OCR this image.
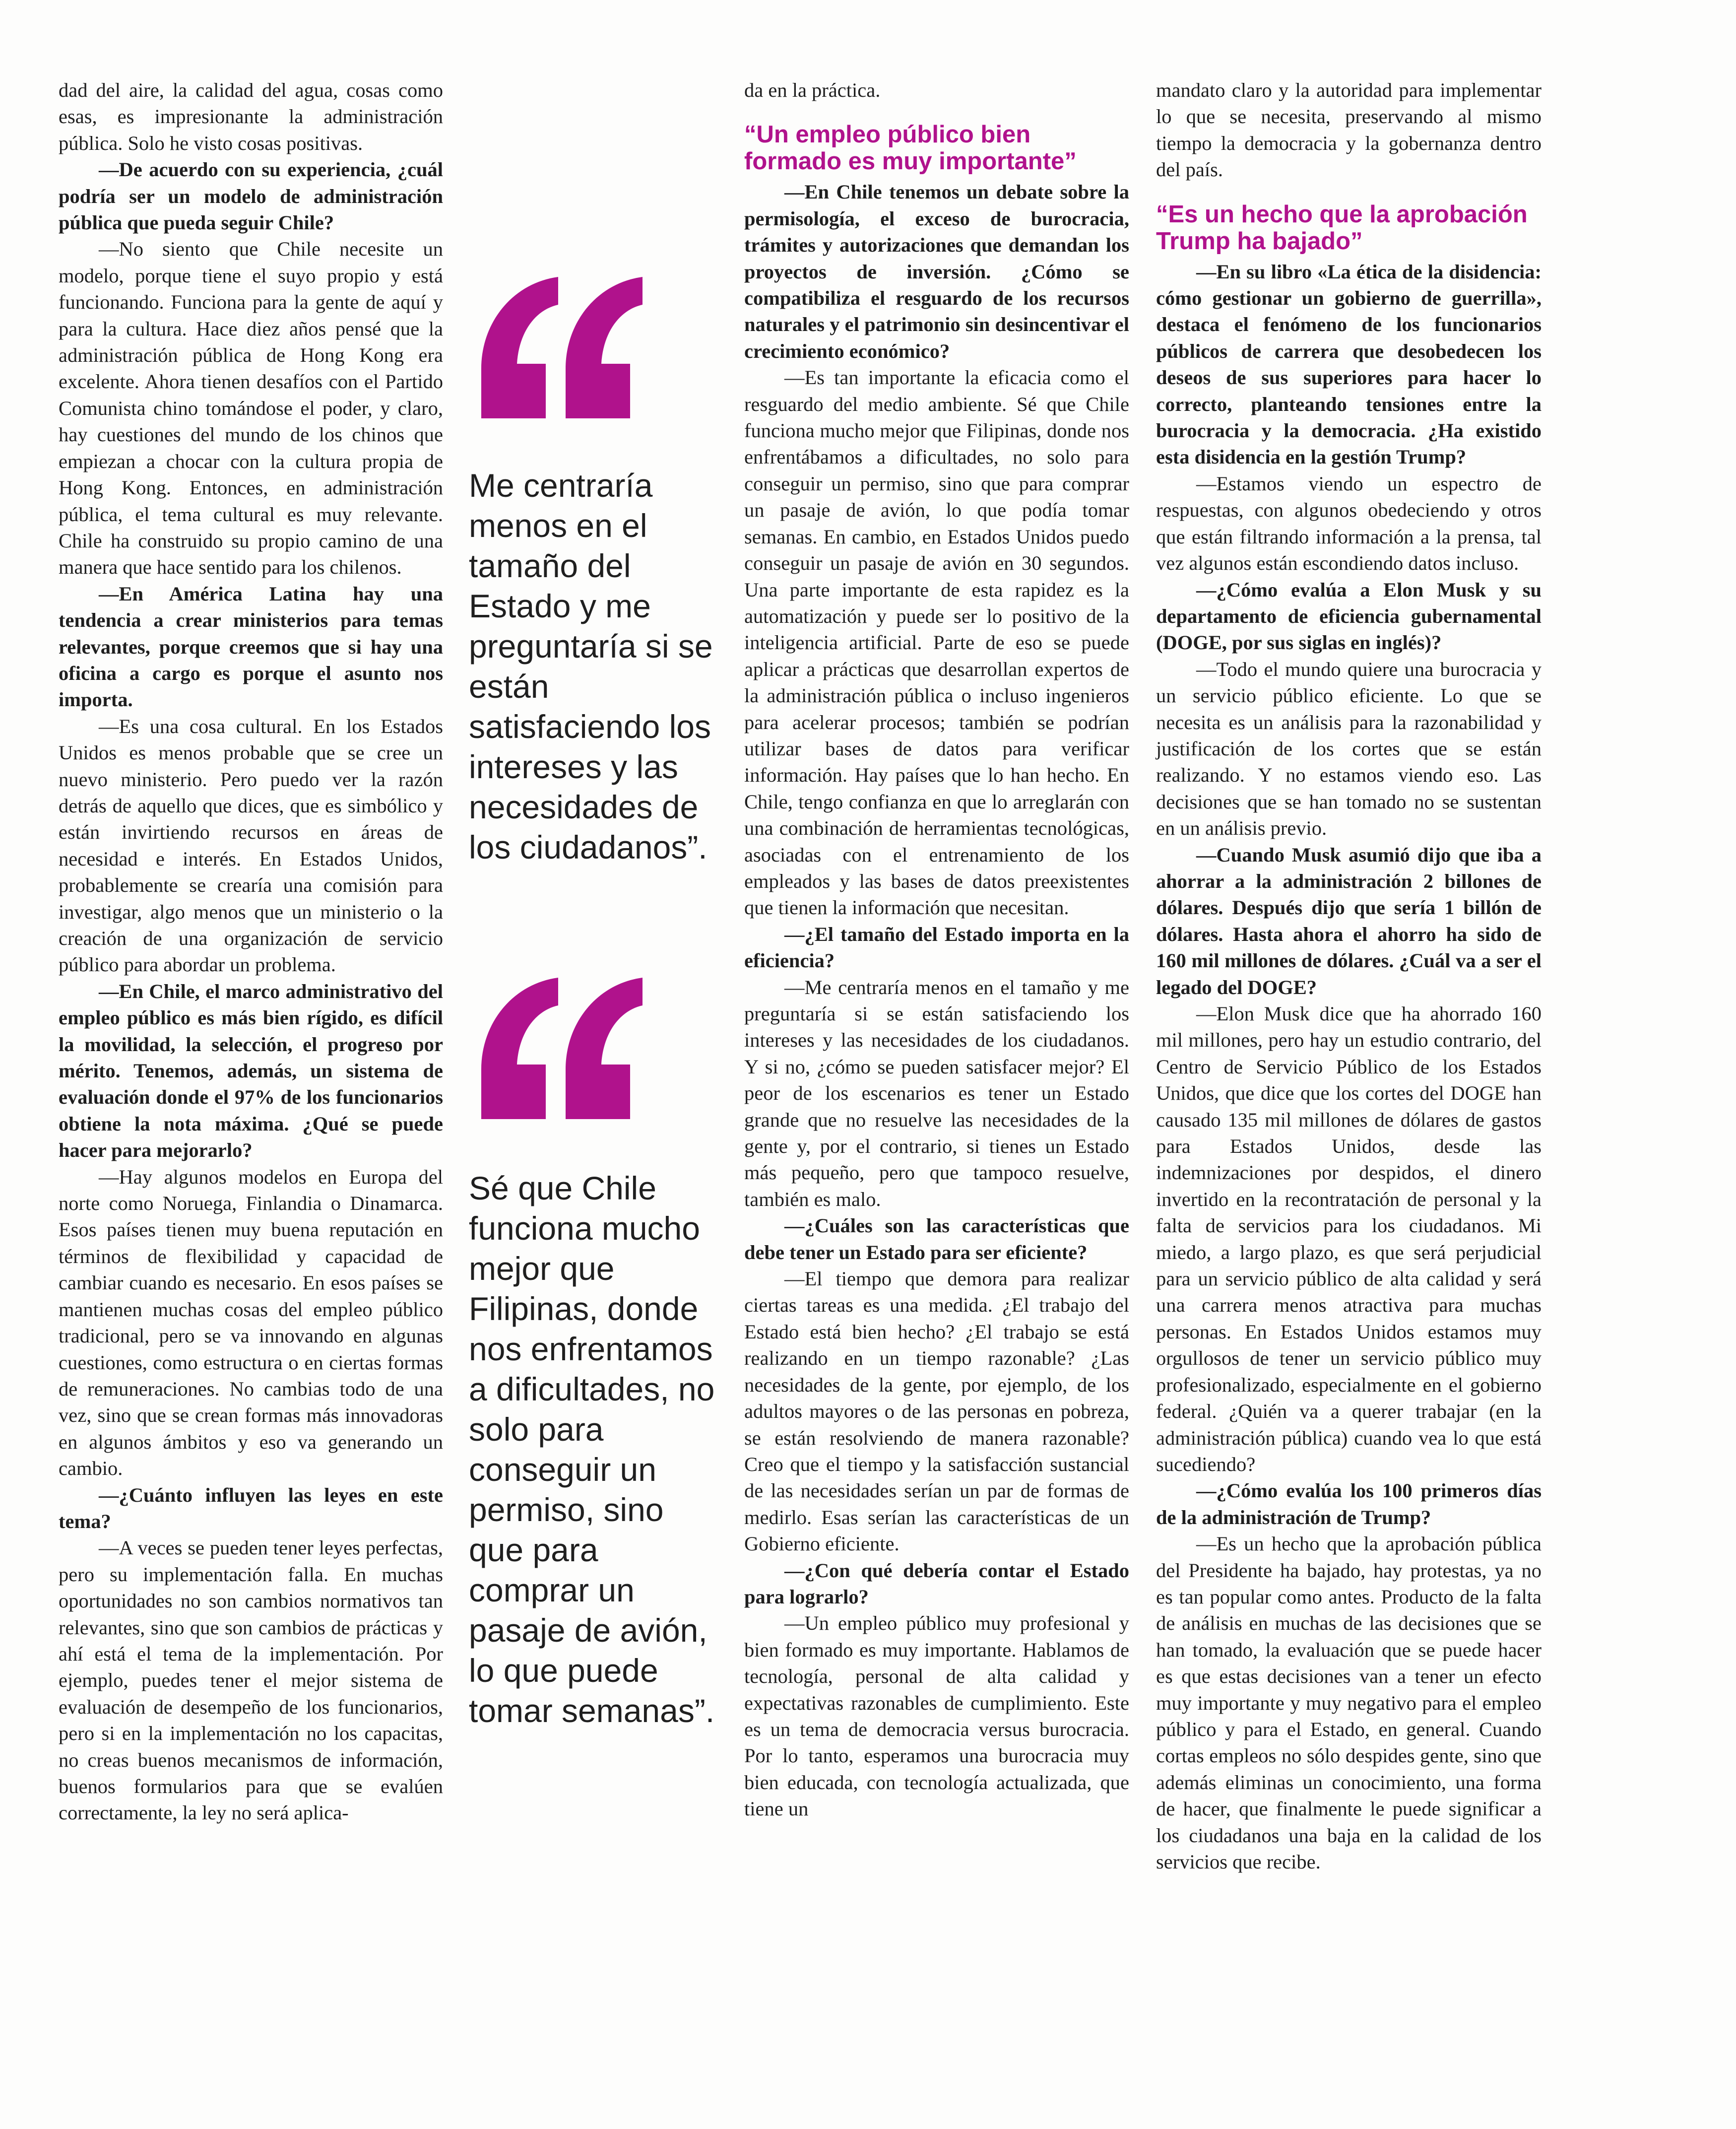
dad del aire, la calidad del agua, cosas como esas, es impresionante la administración pública. Solo he visto cosas positivas.

—De acuerdo con su experiencia, ¿cuál podría ser un modelo de administración pública que pueda seguir Chile?

—No siento que Chile necesite un modelo, porque tiene el suyo propio y está funcionando. Funciona para la gente de aquí y para la cultura. Hace diez años pensé que la administración pública de Hong Kong era excelente. Ahora tienen desafíos con el Partido Comunista chino tomándose el poder, y claro, hay cuestiones del mundo de los chinos que empiezan a chocar con la cultura propia de Hong Kong. Entonces, en administración pública, el tema cultural es muy relevante. Chile ha construido su propio camino de una manera que hace sentido para los chilenos.

—En América Latina hay una tendencia a crear ministerios para temas relevantes, porque creemos que si hay una oficina a cargo es porque el asunto nos importa.

—Es una cosa cultural. En los Estados Unidos es menos probable que se cree un nuevo ministerio. Pero puedo ver la razón detrás de aquello que dices, que es simbólico y están invirtiendo recursos en áreas de necesidad e interés. En Estados Unidos, probablemente se crearía una comisión para investigar, algo menos que un ministerio o la creación de una organización de servicio público para abordar un problema.

—En Chile, el marco administrativo del empleo público es más bien rígido, es difícil la movilidad, la selección, el progreso por mérito. Tenemos, además, un sistema de evaluación donde el 97% de los funcionarios obtiene la nota máxima. ¿Qué se puede hacer para mejorarlo?

—Hay algunos modelos en Europa del norte como Noruega, Finlandia o Dinamarca. Esos países tienen muy buena reputación en términos de flexibilidad y capacidad de cambiar cuando es necesario. En esos países se mantienen muchas cosas del empleo público tradicional, pero se va innovando en algunas cuestiones, como estructura o en ciertas formas de remuneraciones. No cambias todo de una vez, sino que se crean formas más innovadoras en algunos ámbitos y eso va generando un cambio.

—¿Cuánto influyen las leyes en este tema?

—A veces se pueden tener leyes perfectas, pero su implementación falla. En muchas oportunidades no son cambios normativos tan relevantes, sino que son cambios de prácticas y ahí está el tema de la implementación. Por ejemplo, puedes tener el mejor sistema de evaluación de desempeño de los funcionarios, pero si en la implementación no los capacitas, no creas buenos mecanismos de información, buenos formularios para que se evalúen correctamente, la ley no será aplica-

Me centraría menos en el tamaño del Estado y me preguntaría si se están satisfaciendo los intereses y las necesidades de los ciudadanos”.
Sé que Chile funciona mucho mejor que Filipinas, donde nos enfrentamos a dificultades, no solo para conseguir un permiso, sino que para comprar un pasaje de avión, lo que puede tomar semanas”.

da en la práctica.

“Un empleo público bien formado es muy importante”

—En Chile tenemos un debate sobre la permisología, el exceso de burocracia, trámites y autorizaciones que demandan los proyectos de inversión. ¿Cómo se compatibiliza el resguardo de los recursos naturales y el patrimonio sin desincentivar el crecimiento económico?

—Es tan importante la eficacia como el resguardo del medio ambiente. Sé que Chile funciona mucho mejor que Filipinas, donde nos enfrentábamos a dificultades, no solo para conseguir un permiso, sino que para comprar un pasaje de avión, lo que podía tomar semanas. En cambio, en Estados Unidos puedo conseguir un pasaje de avión en 30 segundos. Una parte importante de esta rapidez es la automatización y puede ser lo positivo de la inteligencia artificial. Parte de eso se puede aplicar a prácticas que desarrollan expertos de la administración pública o incluso ingenieros para acelerar procesos; también se podrían utilizar bases de datos para verificar información. Hay países que lo han hecho. En Chile, tengo confianza en que lo arreglarán con una combinación de herramientas tecnológicas, asociadas con el entrenamiento de los empleados y las bases de datos preexistentes que tienen la información que necesitan.

—¿El tamaño del Estado importa en la eficiencia?

—Me centraría menos en el tamaño y me preguntaría si se están satisfaciendo los intereses y las necesidades de los ciudadanos. Y si no, ¿cómo se pueden satisfacer mejor? El peor de los escenarios es tener un Estado grande que no resuelve las necesidades de la gente y, por el contrario, si tienes un Estado más pequeño, pero que tampoco resuelve, también es malo.

—¿Cuáles son las características que debe tener un Estado para ser eficiente?

—El tiempo que demora para realizar ciertas tareas es una medida. ¿El trabajo del Estado está bien hecho? ¿El trabajo se está realizando en un tiempo razonable? ¿Las necesidades de la gente, por ejemplo, de los adultos mayores o de las personas en pobreza, se están resolviendo de manera razonable? Creo que el tiempo y la satisfacción sustancial de las necesidades serían un par de formas de medirlo. Esas serían las características de un Gobierno eficiente.

—¿Con qué debería contar el Estado para lograrlo?

—Un empleo público muy profesional y bien formado es muy importante. Hablamos de tecnología, personal de alta calidad y expectativas razonables de cumplimiento. Este es un tema de democracia versus burocracia. Por lo tanto, esperamos una burocracia muy bien educada, con tecnología actualizada, que tiene un

mandato claro y la autoridad para implementar lo que se necesita, preservando al mismo tiempo la democracia y la gobernanza dentro del país.

“Es un hecho que la aprobación Trump ha bajado”

—En su libro «La ética de la disidencia: cómo gestionar un gobierno de guerrilla», destaca el fenómeno de los funcionarios públicos de carrera que desobedecen los deseos de sus superiores para hacer lo correcto, planteando tensiones entre la burocracia y la democracia. ¿Ha existido esta disidencia en la gestión Trump?

—Estamos viendo un espectro de respuestas, con algunos obedeciendo y otros que están filtrando información a la prensa, tal vez algunos están escondiendo datos incluso.

—¿Cómo evalúa a Elon Musk y su departamento de eficiencia gubernamental (DOGE, por sus siglas en inglés)?

—Todo el mundo quiere una burocracia y un servicio público eficiente. Lo que se necesita es un análisis para la razonabilidad y justificación de los cortes que se están realizando. Y no estamos viendo eso. Las decisiones que se han tomado no se sustentan en un análisis previo.

—Cuando Musk asumió dijo que iba a ahorrar a la administración 2 billones de dólares. Después dijo que sería 1 billón de dólares. Hasta ahora el ahorro ha sido de 160 mil millones de dólares. ¿Cuál va a ser el legado del DOGE?

—Elon Musk dice que ha ahorrado 160 mil millones, pero hay un estudio contrario, del Centro de Servicio Público de los Estados Unidos, que dice que los cortes del DOGE han causado 135 mil millones de dólares de gastos para Estados Unidos, desde las indemnizaciones por despidos, el dinero invertido en la recontratación de personal y la falta de servicios para los ciudadanos. Mi miedo, a largo plazo, es que será perjudicial para un servicio público de alta calidad y será una carrera menos atractiva para muchas personas. En Estados Unidos estamos muy orgullosos de tener un servicio público muy profesionalizado, especialmente en el gobierno federal. ¿Quién va a querer trabajar (en la administración pública) cuando vea lo que está sucediendo?

—¿Cómo evalúa los 100 primeros días de la administración de Trump?

—Es un hecho que la aprobación pública del Presidente ha bajado, hay protestas, ya no es tan popular como antes. Producto de la falta de análisis en muchas de las decisiones que se han tomado, la evaluación que se puede hacer es que estas decisiones van a tener un efecto muy importante y muy negativo para el empleo público y para el Estado, en general. Cuando cortas empleos no sólo despides gente, sino que además eliminas un conocimiento, una forma de hacer, que finalmente le puede significar a los ciudadanos una baja en la calidad de los servicios que recibe.
